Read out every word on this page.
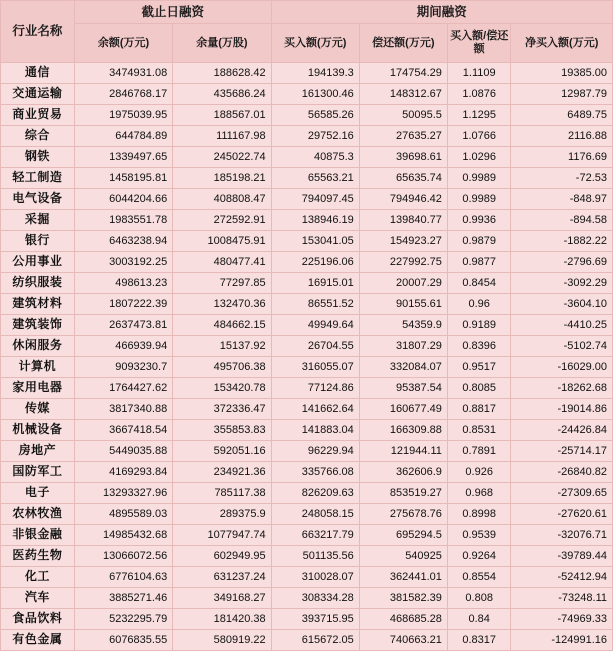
行业名称	截止日融资		期间融资			
	余额(万元)	余量(万股)	买入额(万元)	偿还额(万元)	买入额/偿还额	净买入额(万元)
通信	3474931.08	188628.42	194139.3	174754.29	1.1109	19385.00
交通运输	2846768.17	435686.24	161300.46	148312.67	1.0876	12987.79
商业贸易	1975039.95	188567.01	56585.26	50095.5	1.1295	6489.75
综合	644784.89	111167.98	29752.16	27635.27	1.0766	2116.88
钢铁	1339497.65	245022.74	40875.3	39698.61	1.0296	1176.69
轻工制造	1458195.81	185198.21	65563.21	65635.74	0.9989	-72.53
电气设备	6044204.66	408808.47	794097.45	794946.42	0.9989	-848.97
采掘	1983551.78	272592.91	138946.19	139840.77	0.9936	-894.58
银行	6463238.94	1008475.91	153041.05	154923.27	0.9879	-1882.22
公用事业	3003192.25	480477.41	225196.06	227992.75	0.9877	-2796.69
纺织服装	498613.23	77297.85	16915.01	20007.29	0.8454	-3092.29
建筑材料	1807222.39	132470.36	86551.52	90155.61	0.96	-3604.10
建筑装饰	2637473.81	484662.15	49949.64	54359.9	0.9189	-4410.25
休闲服务	466939.94	15137.92	26704.55	31807.29	0.8396	-5102.74
计算机	9093230.7	495706.38	316055.07	332084.07	0.9517	-16029.00
家用电器	1764427.62	153420.78	77124.86	95387.54	0.8085	-18262.68
传媒	3817340.88	372336.47	141662.64	160677.49	0.8817	-19014.86
机械设备	3667418.54	355853.83	141883.04	166309.88	0.8531	-24426.84
房地产	5449035.88	592051.16	96229.94	121944.11	0.7891	-25714.17
国防军工	4169293.84	234921.36	335766.08	362606.9	0.926	-26840.82
电子	13293327.96	785117.38	826209.63	853519.27	0.968	-27309.65
农林牧渔	4895589.03	289375.9	248058.15	275678.76	0.8998	-27620.61
非银金融	14985432.68	1077947.74	663217.79	695294.5	0.9539	-32076.71
医药生物	13066072.56	602949.95	501135.56	540925	0.9264	-39789.44
化工	6776104.63	631237.24	310028.07	362441.01	0.8554	-52412.94
汽车	3885271.46	349168.27	308334.28	381582.39	0.808	-73248.11
食品饮料	5232295.79	181420.38	393715.95	468685.28	0.84	-74969.33
有色金属	6076835.55	580919.22	615672.05	740663.21	0.8317	-124991.16
